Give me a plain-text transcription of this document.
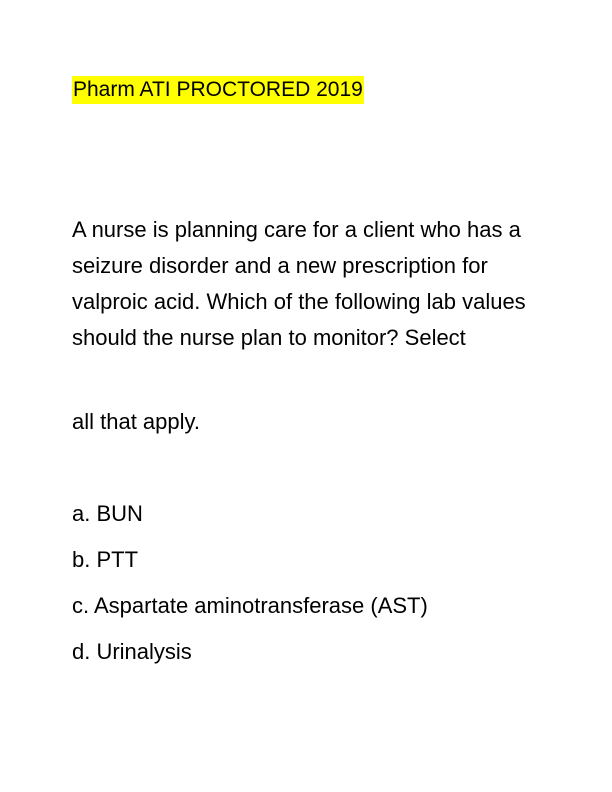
Pharm ATI PROCTORED 2019

A nurse is planning care for a client who has a seizure disorder and a new prescription for valproic acid. Which of the following lab values should the nurse plan to monitor? Select

all that apply.

a. BUN
b. PTT
c. Aspartate aminotransferase (AST)
d. Urinalysis
